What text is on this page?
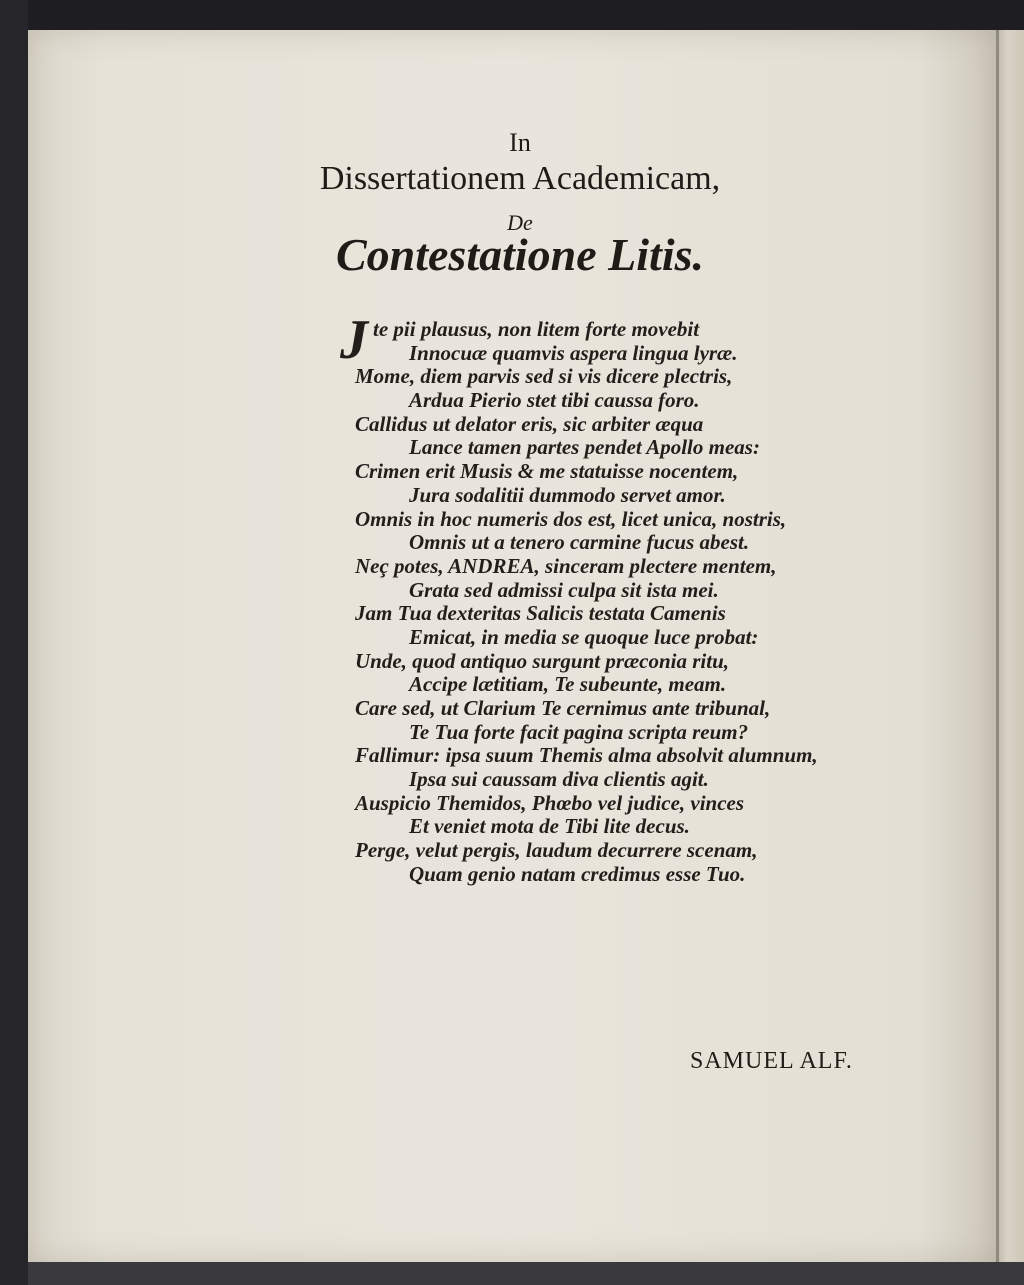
In
Dissertationem Academicam,
De
Contestatione Litis.
J te pii plausus, non litem forte movebit
Innocuæ quamvis aspera lingua lyræ.
Mome, diem parvis sed si vis dicere plectris,
Ardua Pierio stet tibi caussa foro.
Callidus ut delator eris, sic arbiter æqua
Lance tamen partes pendet Apollo meas:
Crimen erit Musis & me statuisse nocentem,
Jura sodalitii dummodo servet amor.
Omnis in hoc numeris dos est, licet unica, nostris,
Omnis ut a tenero carmine fucus abest.
Neç potes, ANDREA, sinceram plectere mentem,
Grata sed admissi culpa sit ista mei.
Jam Tua dexteritas Salicis testata Camenis
Emicat, in media se quoque luce probat:
Unde, quod antiquo surgunt præconia ritu,
Accipe lætitiam, Te subeunte, meam.
Care sed, ut Clarium Te cernimus ante tribunal,
Te Tua forte facit pagina scripta reum?
Fallimur: ipsa suum Themis alma absolvit alumnum,
Ipsa sui caussam diva clientis agit.
Auspicio Themidos, Phœbo vel judice, vinces
Et veniet mota de Tibi lite decus.
Perge, velut pergis, laudum decurrere scenam,
Quam genio natam credimus esse Tuo.
SAMUEL ALF.
